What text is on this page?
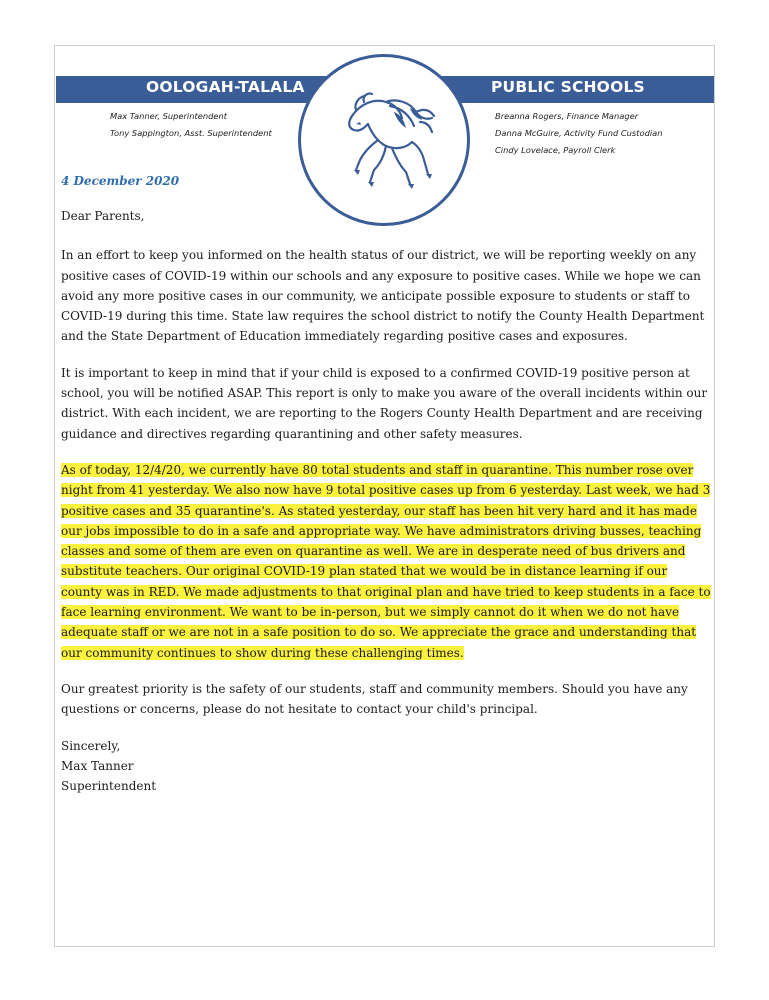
OOLOGAH-TALALA	PUBLIC SCHOOLS
Max Tanner, Superintendent
Tony Sappington, Asst. Superintendent
Breanna Rogers, Finance Manager
Danna McGuire, Activity Fund Custodian
Cindy Lovelace, Payroll Clerk
4 December 2020

Dear Parents,

In an effort to keep you informed on the health status of our district, we will be reporting weekly on any positive cases of COVID-19 within our schools and any exposure to positive cases. While we hope we can avoid any more positive cases in our community, we anticipate possible exposure to students or staff to COVID-19 during this time. State law requires the school district to notify the County Health Department and the State Department of Education immediately regarding positive cases and exposures.

It is important to keep in mind that if your child is exposed to a confirmed COVID-19 positive person at school, you will be notified ASAP. This report is only to make you aware of the overall incidents within our district. With each incident, we are reporting to the Rogers County Health Department and are receiving guidance and directives regarding quarantining and other safety measures.

As of today, 12/4/20, we currently have 80 total students and staff in quarantine. This number rose over night from 41 yesterday. We also now have 9 total positive cases up from 6 yesterday. Last week, we had 3 positive cases and 35 quarantine's. As stated yesterday, our staff has been hit very hard and it has made our jobs impossible to do in a safe and appropriate way. We have administrators driving busses, teaching classes and some of them are even on quarantine as well. We are in desperate need of bus drivers and substitute teachers. Our original COVID-19 plan stated that we would be in distance learning if our county was in RED. We made adjustments to that original plan and have tried to keep students in a face to face learning environment. We want to be in-person, but we simply cannot do it when we do not have adequate staff or we are not in a safe position to do so. We appreciate the grace and understanding that our community continues to show during these challenging times.

Our greatest priority is the safety of our students, staff and community members. Should you have any questions or concerns, please do not hesitate to contact your child's principal.

Sincerely,
Max Tanner
Superintendent
